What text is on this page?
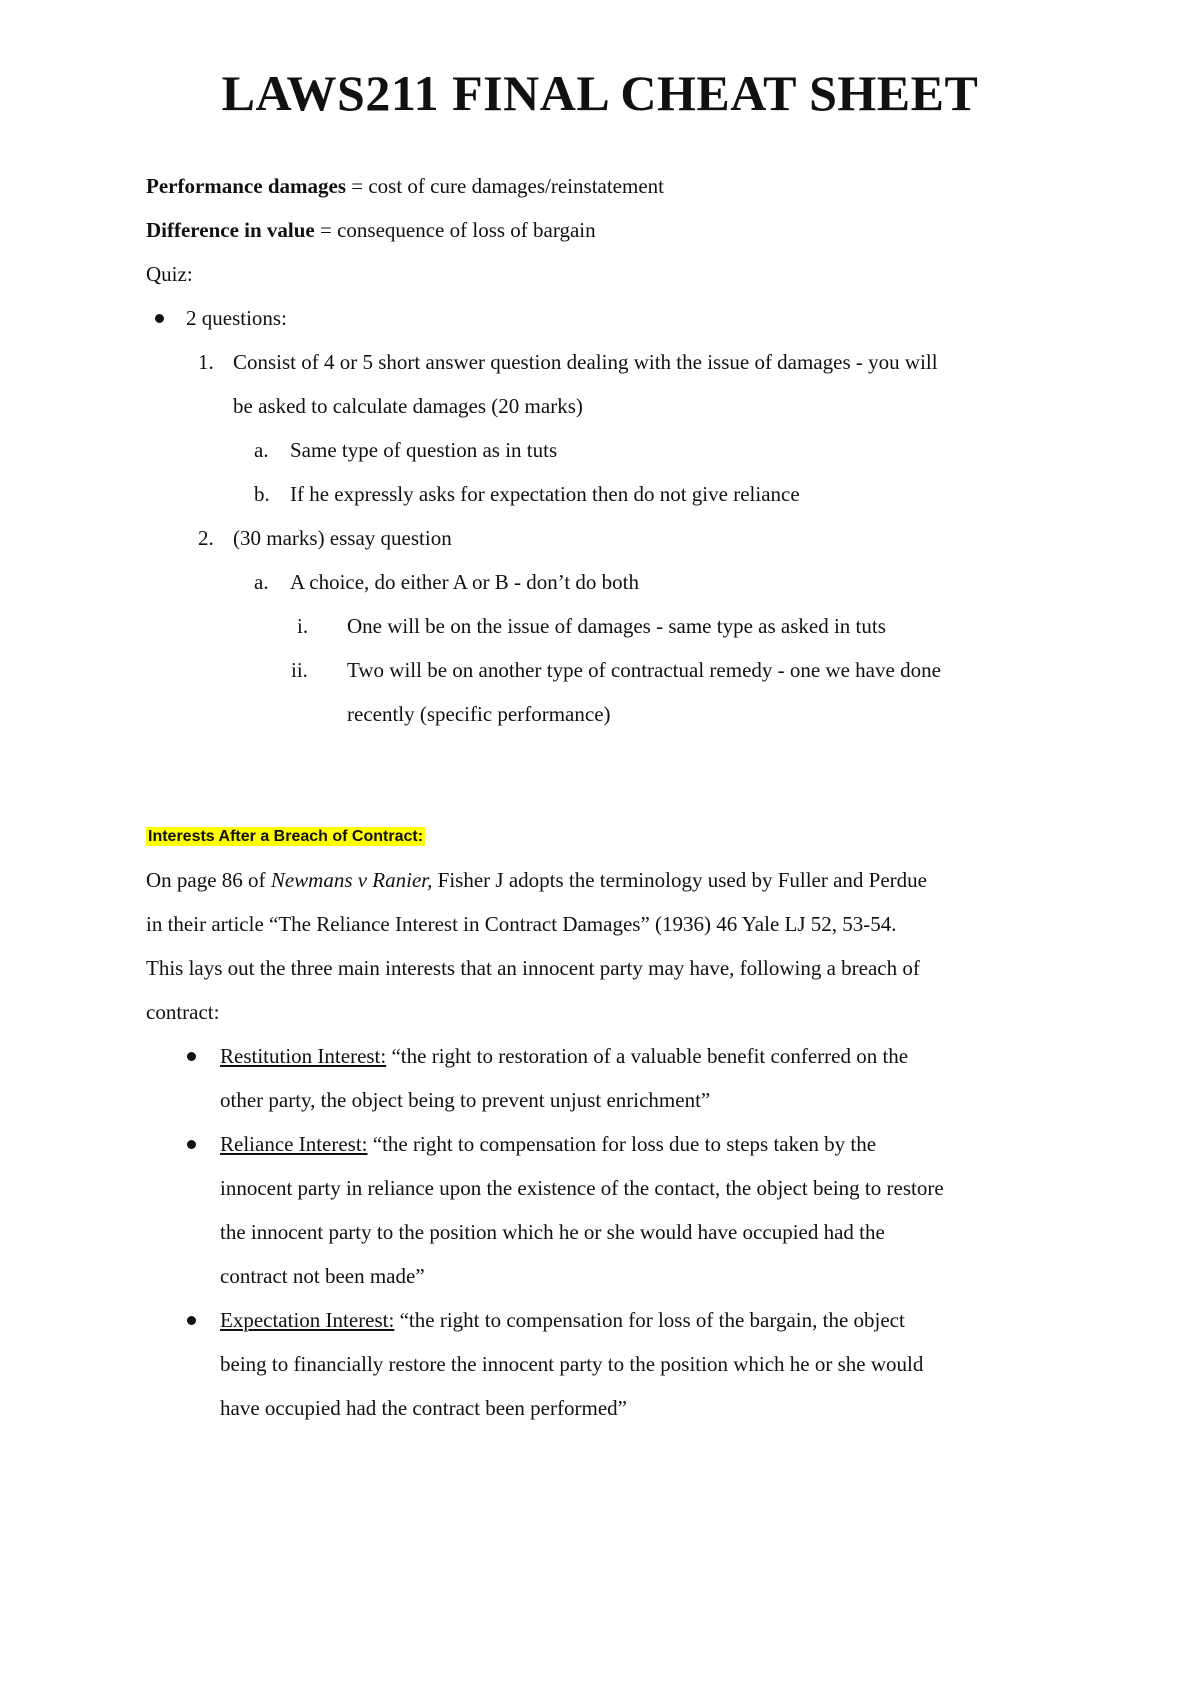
LAWS211 FINAL CHEAT SHEET
Performance damages = cost of cure damages/reinstatement
Difference in value = consequence of loss of bargain
Quiz:
2 questions:
1. Consist of 4 or 5 short answer question dealing with the issue of damages - you will
be asked to calculate damages (20 marks)
a. Same type of question as in tuts
b. If he expressly asks for expectation then do not give reliance
2. (30 marks) essay question
a. A choice, do either A or B - don’t do both
i. One will be on the issue of damages - same type as asked in tuts
ii. Two will be on another type of contractual remedy - one we have done
recently (specific performance)
Interests After a Breach of Contract:
On page 86 of Newmans v Ranier, Fisher J adopts the terminology used by Fuller and Perdue
in their article “The Reliance Interest in Contract Damages” (1936) 46 Yale LJ 52, 53-54.
This lays out the three main interests that an innocent party may have, following a breach of
contract:
Restitution Interest: “the right to restoration of a valuable benefit conferred on the
other party, the object being to prevent unjust enrichment”
Reliance Interest: “the right to compensation for loss due to steps taken by the
innocent party in reliance upon the existence of the contact, the object being to restore
the innocent party to the position which he or she would have occupied had the
contract not been made”
Expectation Interest: “the right to compensation for loss of the bargain, the object
being to financially restore the innocent party to the position which he or she would
have occupied had the contract been performed”
